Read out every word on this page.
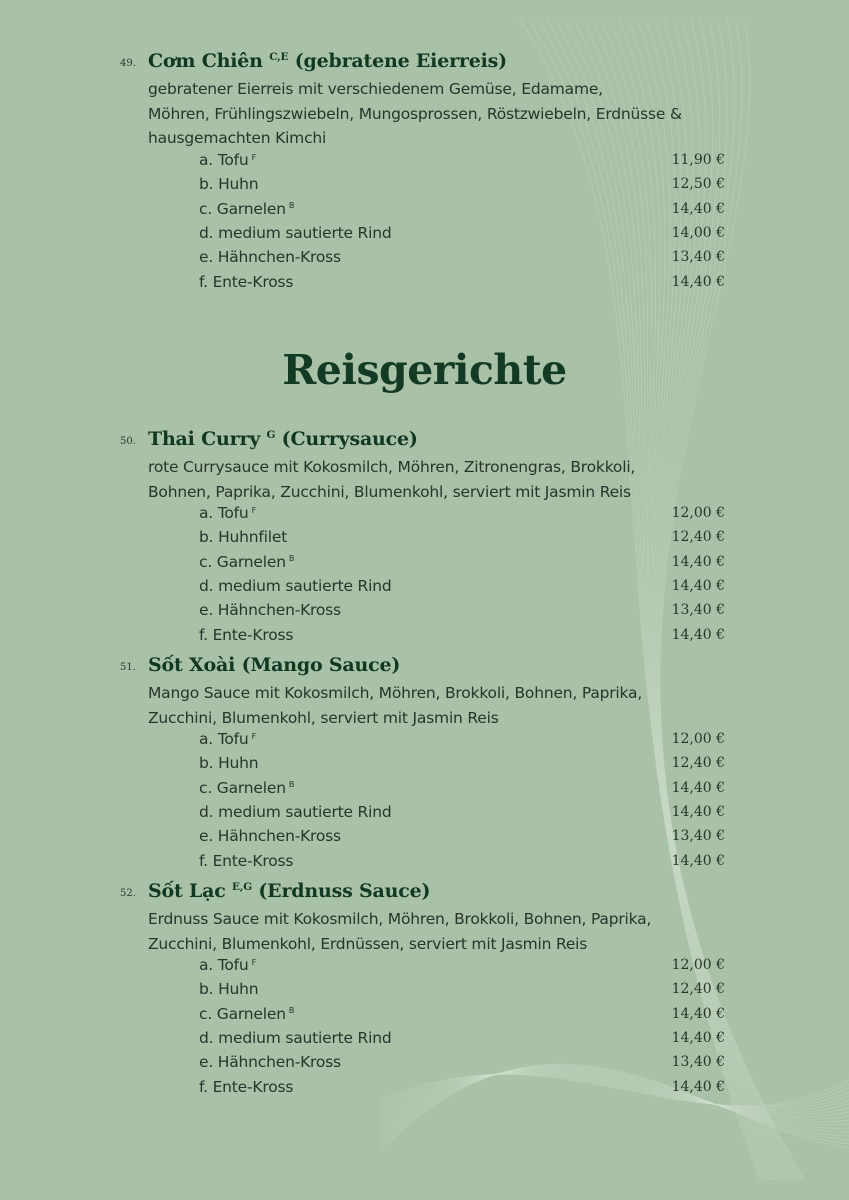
Reisgerichte
49. Cơm Chiên $^{C,E}$ (gebratene Eierreis)
gebratener Eierreis mit verschiedenem Gemüse, Edamame,
Möhren, Frühlingszwiebeln, Mungosprossen, Röstzwiebeln, Erdnüsse &
hausgemachten Kimchi
a. Tofu $^F$	11,90 €
b. Huhn	12,50 €
c. Garnelen $^B$	14,40 €
d. medium sautierte Rind	14,00 €
e. Hähnchen-Kross	13,40 €
f. Ente-Kross	14,40 €
50. Thai Curry $^G$ (Currysauce)
rote Currysauce mit Kokosmilch, Möhren, Zitronengras, Brokkoli,
Bohnen, Paprika, Zucchini, Blumenkohl, serviert mit Jasmin Reis
a. Tofu $^F$	12,00 €
b. Huhnfilet	12,40 €
c. Garnelen $^B$	14,40 €
d. medium sautierte Rind	14,40 €
e. Hähnchen-Kross	13,40 €
f. Ente-Kross	14,40 €
51. Sốt Xoài (Mango Sauce)
Mango Sauce mit Kokosmilch, Möhren, Brokkoli, Bohnen, Paprika,
Zucchini, Blumenkohl, serviert mit Jasmin Reis
a. Tofu $^F$	12,00 €
b. Huhn	12,40 €
c. Garnelen $^B$	14,40 €
d. medium sautierte Rind	14,40 €
e. Hähnchen-Kross	13,40 €
f. Ente-Kross	14,40 €
52. Sốt Lạc $^{E,G}$ (Erdnuss Sauce)
Erdnuss Sauce mit Kokosmilch, Möhren, Brokkoli, Bohnen, Paprika,
Zucchini, Blumenkohl, Erdnüssen, serviert mit Jasmin Reis
a. Tofu $^F$	12,00 €
b. Huhn	12,40 €
c. Garnelen $^B$	14,40 €
d. medium sautierte Rind	14,40 €
e. Hähnchen-Kross	13,40 €
f. Ente-Kross	14,40 €
